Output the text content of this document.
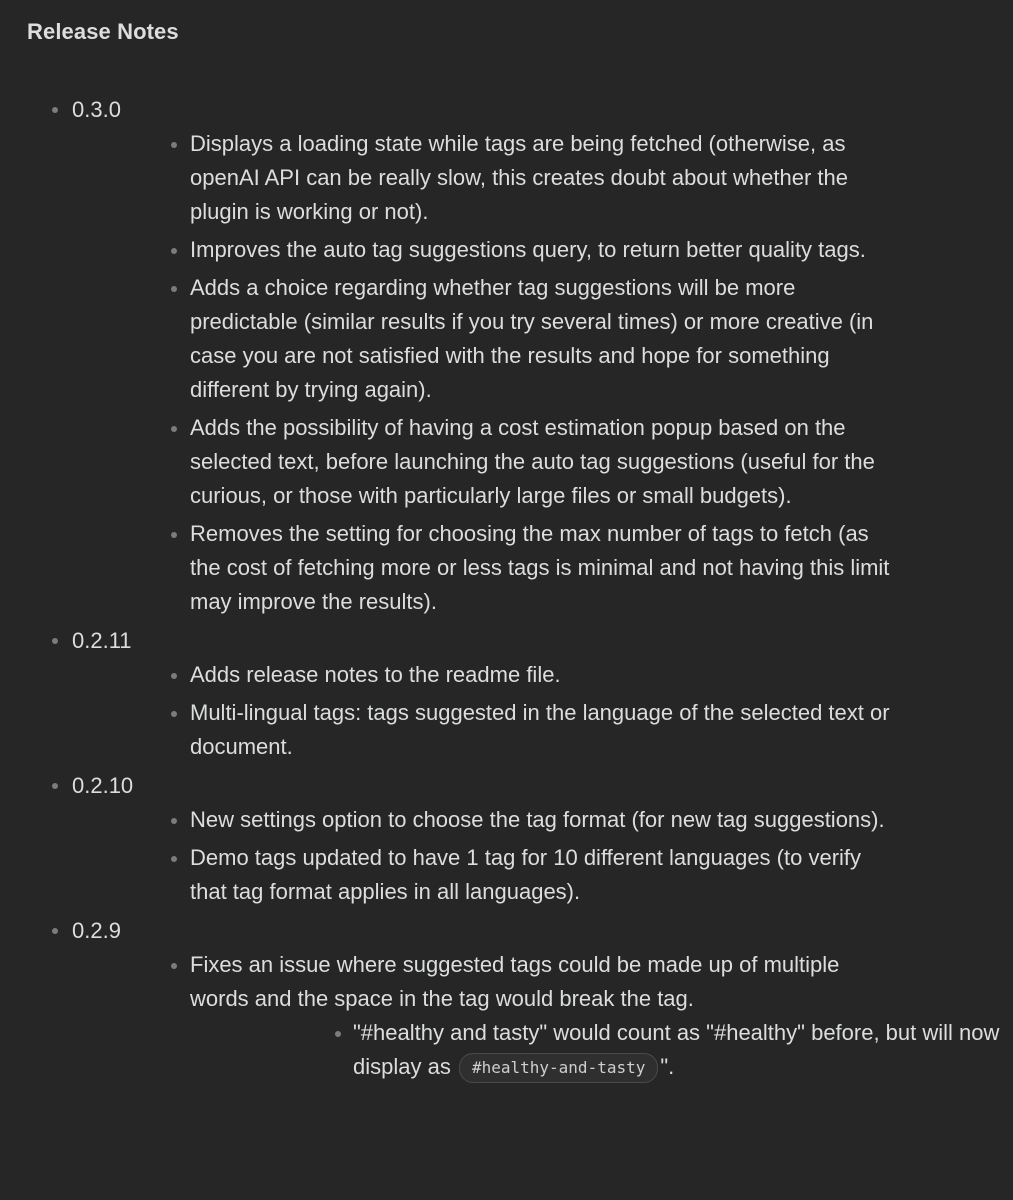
Release Notes
0.3.0
Displays a loading state while tags are being fetched (otherwise, as openAI API can be really slow, this creates doubt about whether the plugin is working or not).
Improves the auto tag suggestions query, to return better quality tags.
Adds a choice regarding whether tag suggestions will be more predictable (similar results if you try several times) or more creative (in case you are not satisfied with the results and hope for something different by trying again).
Adds the possibility of having a cost estimation popup based on the selected text, before launching the auto tag suggestions (useful for the curious, or those with particularly large files or small budgets).
Removes the setting for choosing the max number of tags to fetch (as the cost of fetching more or less tags is minimal and not having this limit may improve the results).
0.2.11
Adds release notes to the readme file.
Multi-lingual tags: tags suggested in the language of the selected text or document.
0.2.10
New settings option to choose the tag format (for new tag suggestions).
Demo tags updated to have 1 tag for 10 different languages (to verify that tag format applies in all languages).
0.2.9
Fixes an issue where suggested tags could be made up of multiple words and the space in the tag would break the tag.
"#healthy and tasty" would count as "#healthy" before, but will now display as #healthy-and-tasty ".
